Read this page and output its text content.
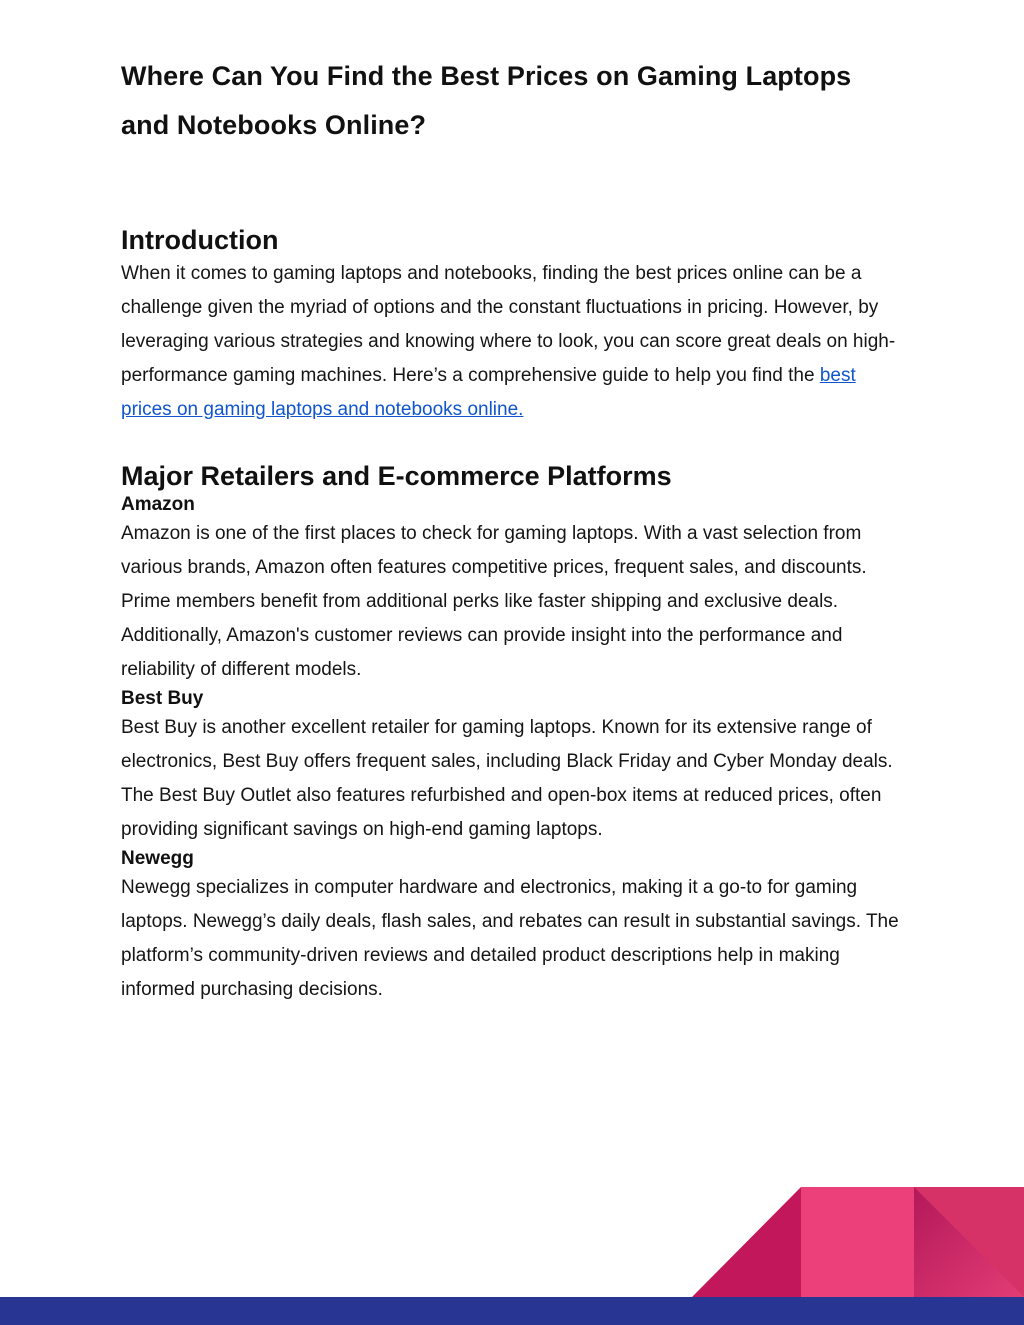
Where Can You Find the Best Prices on Gaming Laptops
and Notebooks Online?
Introduction

When it comes to gaming laptops and notebooks, finding the best prices online can be a challenge given the myriad of options and the constant fluctuations in pricing. However, by leveraging various strategies and knowing where to look, you can score great deals on high-performance gaming machines. Here’s a comprehensive guide to help you find the best prices on gaming laptops and notebooks online.

Major Retailers and E-commerce Platforms
Amazon

Amazon is one of the first places to check for gaming laptops. With a vast selection from various brands, Amazon often features competitive prices, frequent sales, and discounts. Prime members benefit from additional perks like faster shipping and exclusive deals. Additionally, Amazon's customer reviews can provide insight into the performance and reliability of different models.

Best Buy

Best Buy is another excellent retailer for gaming laptops. Known for its extensive range of electronics, Best Buy offers frequent sales, including Black Friday and Cyber Monday deals. The Best Buy Outlet also features refurbished and open-box items at reduced prices, often providing significant savings on high-end gaming laptops.

Newegg

Newegg specializes in computer hardware and electronics, making it a go-to for gaming laptops. Newegg’s daily deals, flash sales, and rebates can result in substantial savings. The platform’s community-driven reviews and detailed product descriptions help in making informed purchasing decisions.
